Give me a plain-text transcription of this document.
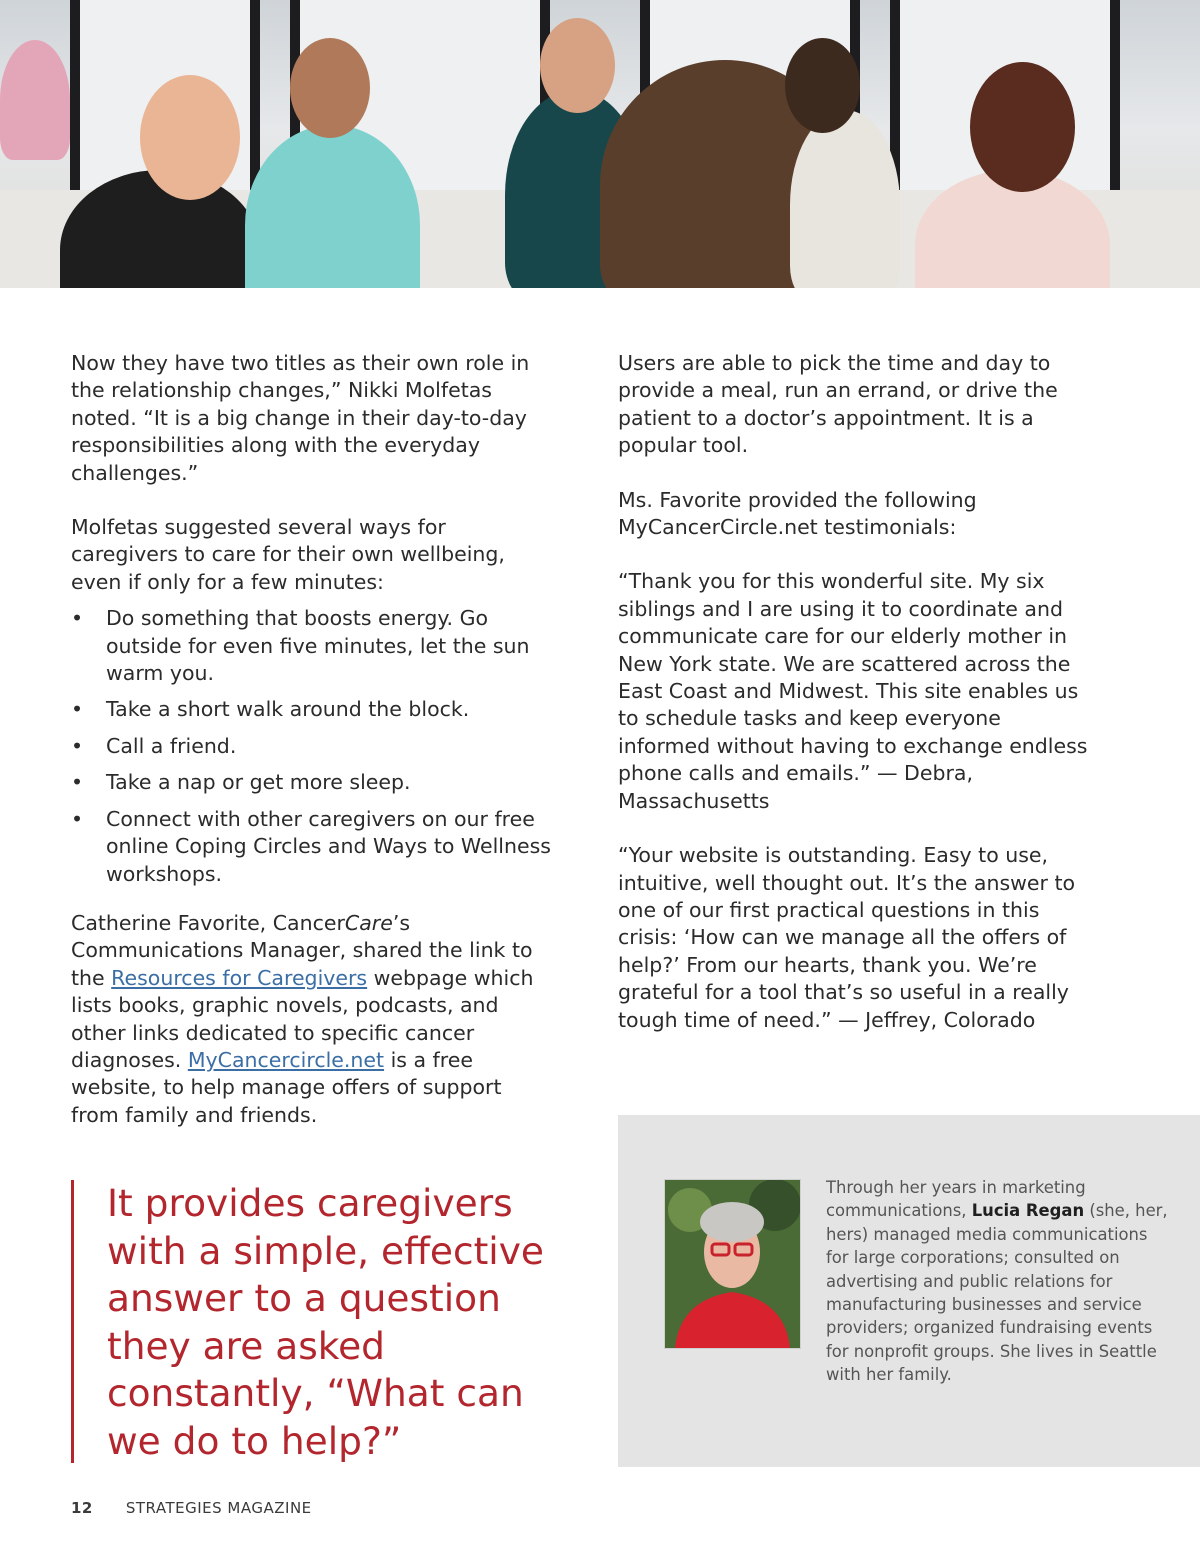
Now they have two titles as their own role in the relationship changes,” Nikki Molfetas noted. “It is a big change in their day-to-day responsibilities along with the everyday challenges.”

Molfetas suggested several ways for caregivers to care for their own wellbeing, even if only for a few minutes:

• Do something that boosts energy. Go outside for even five minutes, let the sun warm you.
• Take a short walk around the block.
• Call a friend.
• Take a nap or get more sleep.
• Connect with other caregivers on our free online Coping Circles and Ways to Wellness workshops.

Catherine Favorite, CancerCare’s Communications Manager, shared the link to the Resources for Caregivers webpage which lists books, graphic novels, podcasts, and other links dedicated to specific cancer diagnoses. MyCancercircle.net is a free website, to help manage offers of support from family and friends.

Users are able to pick the time and day to provide a meal, run an errand, or drive the patient to a doctor’s appointment. It is a popular tool.

Ms. Favorite provided the following MyCancerCircle.net testimonials:

“Thank you for this wonderful site. My six siblings and I are using it to coordinate and communicate care for our elderly mother in New York state. We are scattered across the East Coast and Midwest. This site enables us to schedule tasks and keep everyone informed without having to exchange endless phone calls and emails.” — Debra, Massachusetts

“Your website is outstanding. Easy to use, intuitive, well thought out. It’s the answer to one of our first practical questions in this crisis: ‘How can we manage all the offers of help?’ From our hearts, thank you. We’re grateful for a tool that’s so useful in a really tough time of need.” — Jeffrey, Colorado

It provides caregivers with a simple, effective answer to a question they are asked constantly, “What can we do to help?”
Through her years in marketing communications, Lucia Regan (she, her, hers) managed media communications for large corporations; consulted on advertising and public relations for manufacturing businesses and service providers; organized fundraising events for nonprofit groups. She lives in Seattle with her family.
12 STRATEGIES MAGAZINE
